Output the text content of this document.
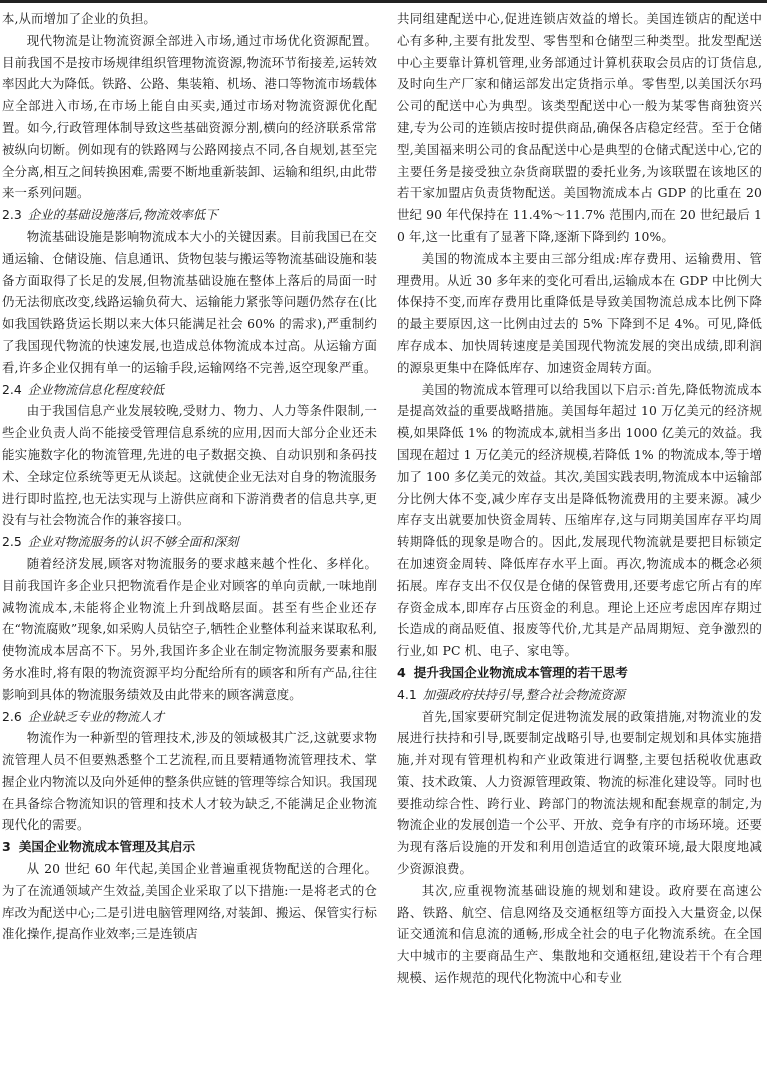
本,从而增加了企业的负担。

现代物流是让物流资源全部进入市场,通过市场优化资源配置。目前我国不是按市场规律组织管理物流资源,物流环节衔接差,运转效率因此大为降低。铁路、公路、集装箱、机场、港口等物流市场载体应全部进入市场,在市场上能自由买卖,通过市场对物流资源优化配置。如今,行政管理体制导致这些基础资源分割,横向的经济联系常常被纵向切断。例如现有的铁路网与公路网接点不同,各自规划,甚至完全分离,相互之间转换困难,需要不断地重新装卸、运输和组织,由此带来一系列问题。

2.3 企业的基础设施落后,物流效率低下

物流基础设施是影响物流成本大小的关键因素。目前我国已在交通运输、仓储设施、信息通讯、货物包装与搬运等物流基础设施和装备方面取得了长足的发展,但物流基础设施在整体上落后的局面一时仍无法彻底改变,线路运输负荷大、运输能力紧张等问题仍然存在(比如我国铁路货运长期以来大体只能满足社会 60% 的需求),严重制约了我国现代物流的快速发展,也造成总体物流成本过高。从运输方面看,许多企业仅拥有单一的运输手段,运输网络不完善,返空现象严重。

2.4 企业物流信息化程度较低

由于我国信息产业发展较晚,受财力、物力、人力等条件限制,一些企业负责人尚不能接受管理信息系统的应用,因而大部分企业还未能实施数字化的物流管理,先进的电子数据交换、自动识别和条码技术、全球定位系统等更无从谈起。这就使企业无法对自身的物流服务进行即时监控,也无法实现与上游供应商和下游消费者的信息共享,更没有与社会物流合作的兼容接口。

2.5 企业对物流服务的认识不够全面和深刻

随着经济发展,顾客对物流服务的要求越来越个性化、多样化。目前我国许多企业只把物流看作是企业对顾客的单向贡献,一味地削减物流成本,未能将企业物流上升到战略层面。甚至有些企业还存在“物流腐败”现象,如采购人员钻空子,牺牲企业整体利益来谋取私利,使物流成本居高不下。另外,我国许多企业在制定物流服务要素和服务水准时,将有限的物流资源平均分配给所有的顾客和所有产品,往往影响到具体的物流服务绩效及由此带来的顾客满意度。

2.6 企业缺乏专业的物流人才

物流作为一种新型的管理技术,涉及的领域极其广泛,这就要求物流管理人员不但要熟悉整个工艺流程,而且要精通物流管理技术、掌握企业内物流以及向外延伸的整条供应链的管理等综合知识。我国现在具备综合物流知识的管理和技术人才较为缺乏,不能满足企业物流现代化的需要。

3 美国企业物流成本管理及其启示

从 20 世纪 60 年代起,美国企业普遍重视货物配送的合理化。为了在流通领域产生效益,美国企业采取了以下措施:一是将老式的仓库改为配送中心;二是引进电脑管理网络,对装卸、搬运、保管实行标准化操作,提高作业效率;三是连锁店

共同组建配送中心,促进连锁店效益的增长。美国连锁店的配送中心有多种,主要有批发型、零售型和仓储型三种类型。批发型配送中心主要靠计算机管理,业务部通过计算机获取会员店的订货信息,及时向生产厂家和储运部发出定货指示单。零售型,以美国沃尔玛公司的配送中心为典型。该类型配送中心一般为某零售商独资兴建,专为公司的连锁店按时提供商品,确保各店稳定经营。至于仓储型,美国福来明公司的食品配送中心是典型的仓储式配送中心,它的主要任务是接受独立杂货商联盟的委托业务,为该联盟在该地区的若干家加盟店负责货物配送。美国物流成本占 GDP 的比重在 20 世纪 90 年代保持在 11.4%～11.7% 范围内,而在 20 世纪最后 10 年,这一比重有了显著下降,逐渐下降到约 10%。

美国的物流成本主要由三部分组成:库存费用、运输费用、管理费用。从近 30 多年来的变化可看出,运输成本在 GDP 中比例大体保持不变,而库存费用比重降低是导致美国物流总成本比例下降的最主要原因,这一比例由过去的 5% 下降到不足 4%。可见,降低库存成本、加快周转速度是美国现代物流发展的突出成绩,即利润的源泉更集中在降低库存、加速资金周转方面。

美国的物流成本管理可以给我国以下启示:首先,降低物流成本是提高效益的重要战略措施。美国每年超过 10 万亿美元的经济规模,如果降低 1% 的物流成本,就相当多出 1000 亿美元的效益。我国现在超过 1 万亿美元的经济规模,若降低 1% 的物流成本,等于增加了 100 多亿美元的效益。其次,美国实践表明,物流成本中运输部分比例大体不变,减少库存支出是降低物流费用的主要来源。减少库存支出就要加快资金周转、压缩库存,这与同期美国库存平均周转期降低的现象是吻合的。因此,发展现代物流就是要把目标锁定在加速资金周转、降低库存水平上面。再次,物流成本的概念必须拓展。库存支出不仅仅是仓储的保管费用,还要考虑它所占有的库存资金成本,即库存占压资金的利息。理论上还应考虑因库存期过长造成的商品贬值、报废等代价,尤其是产品周期短、竞争激烈的行业,如 PC 机、电子、家电等。

4 提升我国企业物流成本管理的若干思考
4.1 加强政府扶持引导,整合社会物流资源

首先,国家要研究制定促进物流发展的政策措施,对物流业的发展进行扶持和引导,既要制定战略引导,也要制定规划和具体实施措施,并对现有管理机构和产业政策进行调整,主要包括税收优惠政策、技术政策、人力资源管理政策、物流的标准化建设等。同时也要推动综合性、跨行业、跨部门的物流法规和配套规章的制定,为物流企业的发展创造一个公平、开放、竞争有序的市场环境。还要为现有落后设施的开发和利用创造适宜的政策环境,最大限度地减少资源浪费。

其次,应重视物流基础设施的规划和建设。政府要在高速公路、铁路、航空、信息网络及交通枢纽等方面投入大量资金,以保证交通流和信息流的通畅,形成全社会的电子化物流系统。在全国大中城市的主要商品生产、集散地和交通枢纽,建设若干个有合理规模、运作规范的现代化物流中心和专业
